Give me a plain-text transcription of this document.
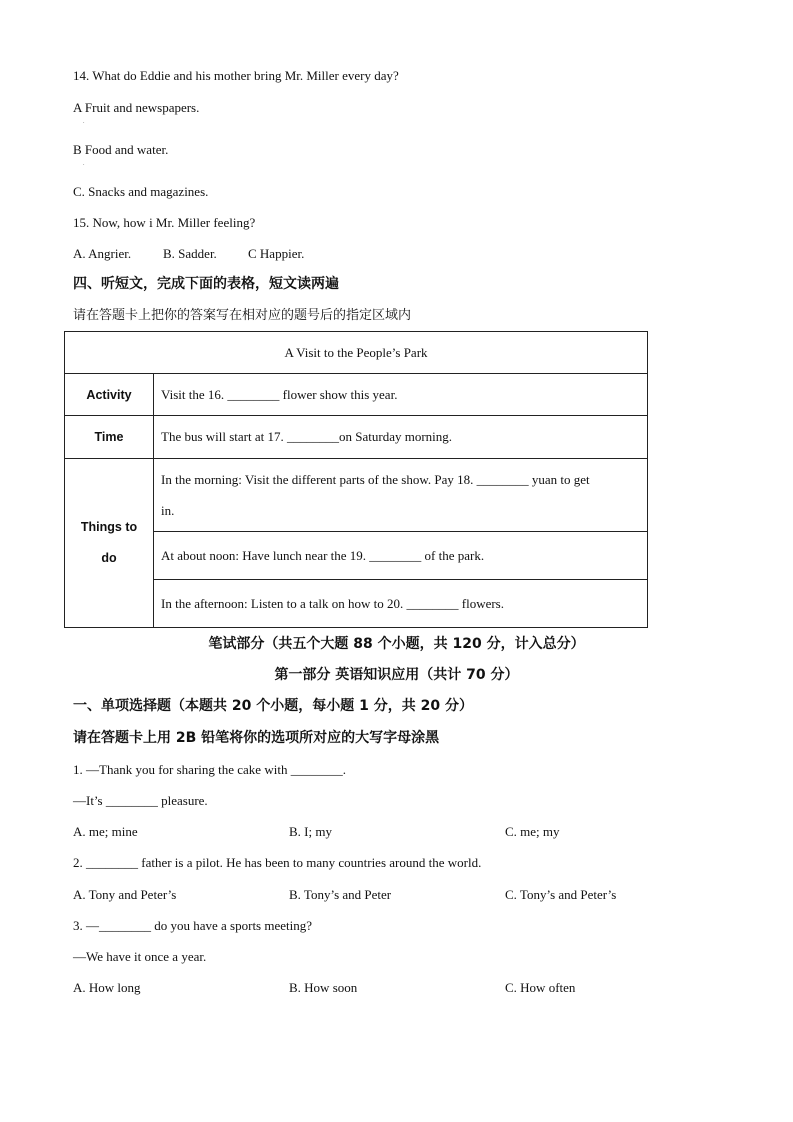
14. What do Eddie and his mother bring Mr. Miller every day?
A Fruit and newspapers.
.
B Food and water.
.
C. Snacks and magazines.
15. Now, how i Mr. Miller feeling?
A. Angrier. B. Sadder. C Happier.
四、听短文，完成下面的表格，短文读两遍
请在答题卡上把你的答案写在相对应的题号后的指定区域内
A Visit to the People’s Park	
Activity	Visit the 16. ________ flower show this year.
Time	The bus will start at 17. ________on Saturday morning.
Things to
do	In the morning: Visit the different parts of the show. Pay 18. ________ yuan to get
in.
	At about noon: Have lunch near the 19. ________ of the park.
	In the afternoon: Listen to a talk on how to 20. ________ flowers.
笔试部分（共五个大题 88 个小题，共 120 分，计入总分）
第一部分 英语知识应用（共计 70 分）
一、单项选择题（本题共 20 个小题，每小题 1 分，共 20 分）
请在答题卡上用 2B 铅笔将你的选项所对应的大写字母涂黑
1. —Thank you for sharing the cake with ________.
—It’s ________ pleasure.
A. me; mine	B. I; my	C. me; my
2. ________ father is a pilot. He has been to many countries around the world.
A. Tony and Peter’s	B. Tony’s and Peter	C. Tony’s and Peter’s
3. —________ do you have a sports meeting?
—We have it once a year.
A. How long	B. How soon	C. How often
